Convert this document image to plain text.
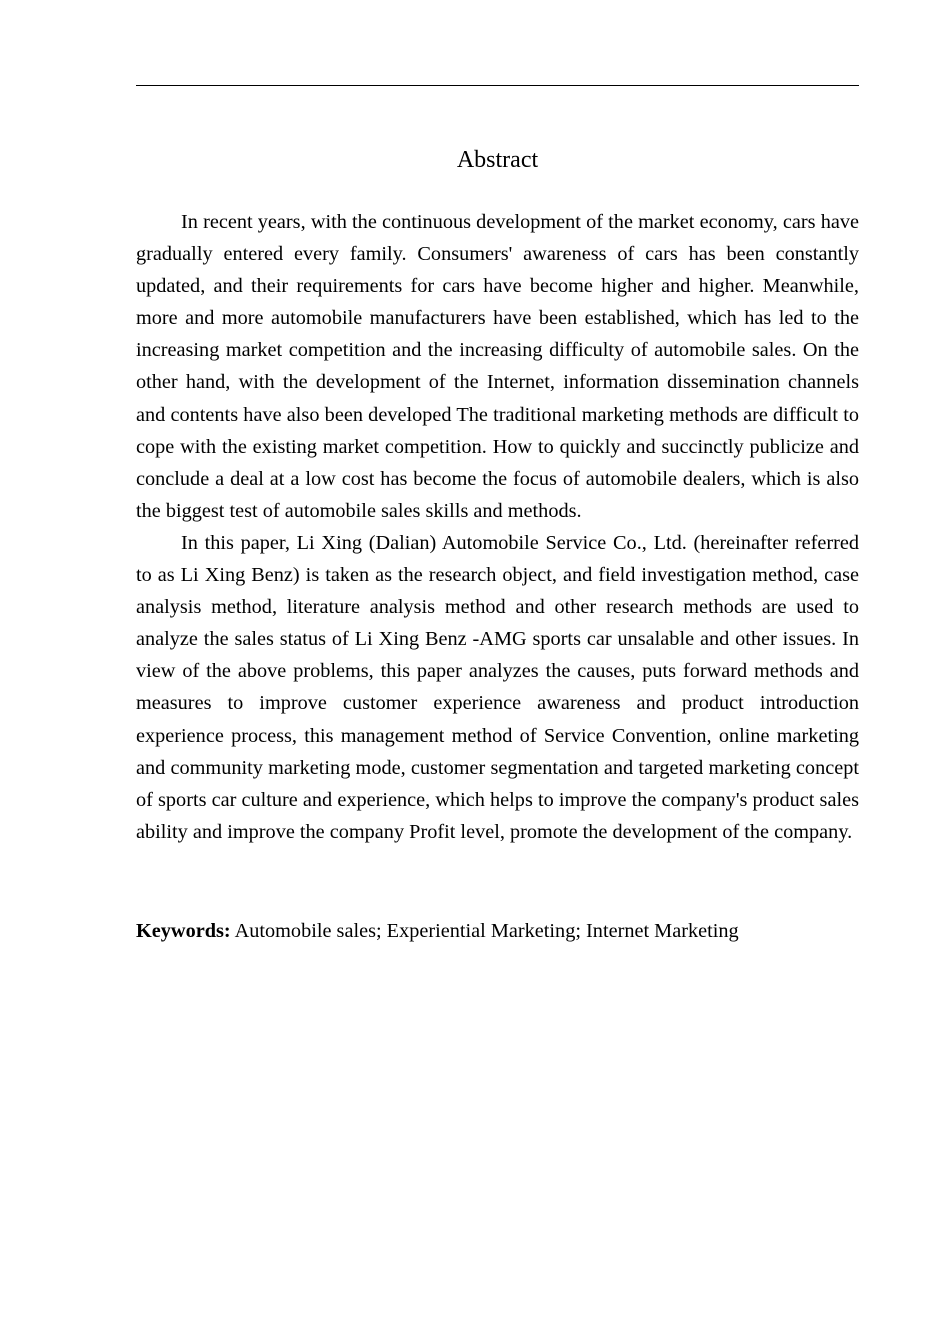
Abstract

In recent years, with the continuous development of the market economy, cars have gradually entered every family. Consumers' awareness of cars has been constantly updated, and their requirements for cars have become higher and higher. Meanwhile, more and more automobile manufacturers have been established, which has led to the increasing market competition and the increasing difficulty of automobile sales. On the other hand, with the development of the Internet, information dissemination channels and contents have also been developed The traditional marketing methods are difficult to cope with the existing market competition. How to quickly and succinctly publicize and conclude a deal at a low cost has become the focus of automobile dealers, which is also the biggest test of automobile sales skills and methods.

In this paper, Li Xing (Dalian) Automobile Service Co., Ltd. (hereinafter referred to as Li Xing Benz) is taken as the research object, and field investigation method, case analysis method, literature analysis method and other research methods are used to analyze the sales status of Li Xing Benz -AMG sports car unsalable and other issues. In view of the above problems, this paper analyzes the causes, puts forward methods and measures to improve customer experience awareness and product introduction experience process, this management method of Service Convention, online marketing and community marketing mode, customer segmentation and targeted marketing concept of sports car culture and experience, which helps to improve the company's product sales ability and improve the company Profit level, promote the development of the company.

Keywords: Automobile sales; Experiential Marketing; Internet Marketing
